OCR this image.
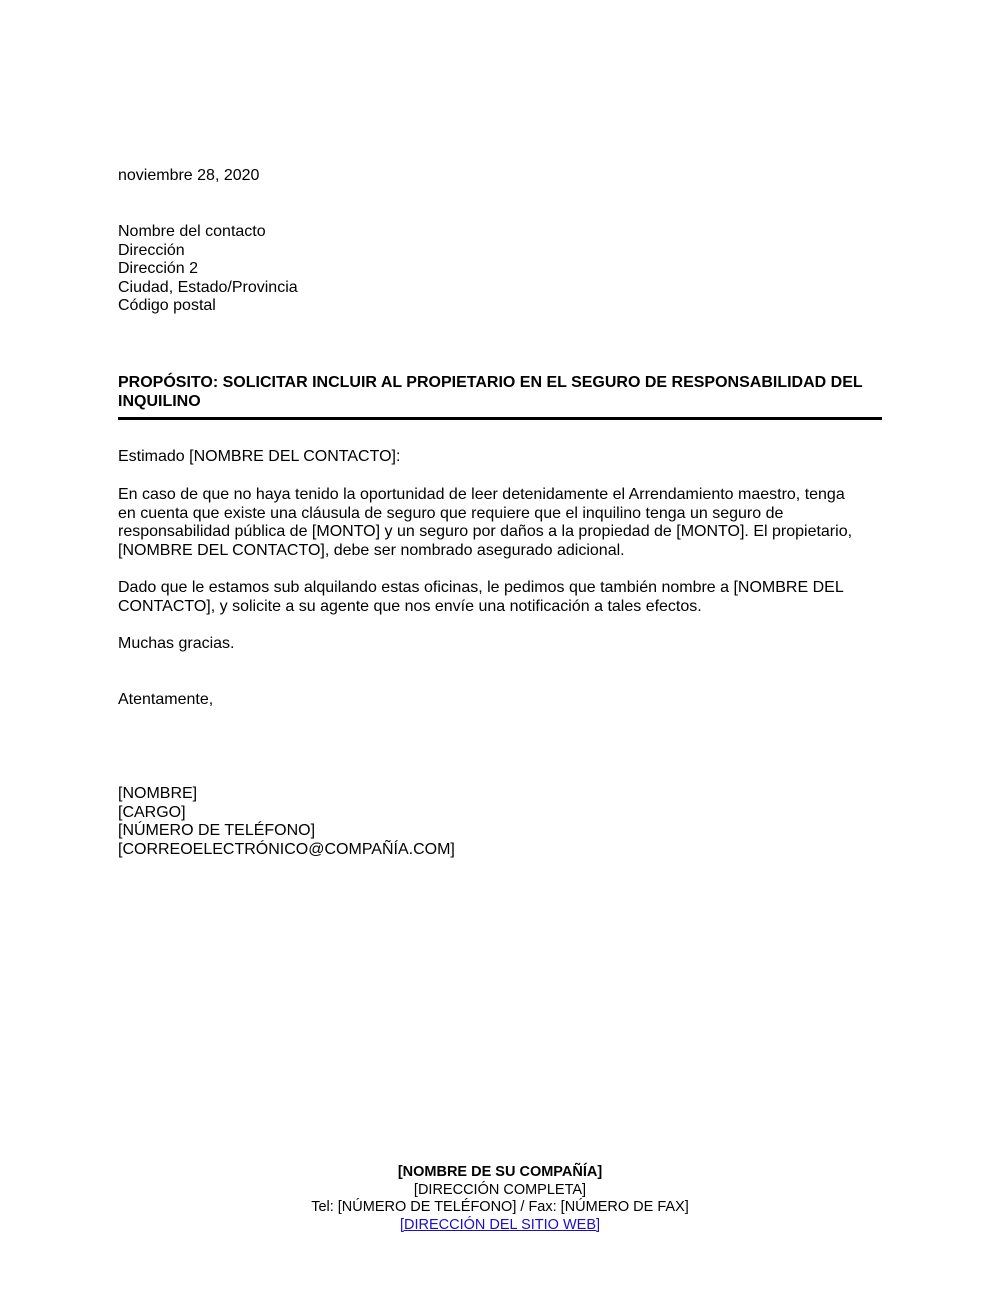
noviembre 28, 2020
Nombre del contacto
Dirección
Dirección 2
Ciudad, Estado/Provincia
Código postal
PROPÓSITO: SOLICITAR INCLUIR AL PROPIETARIO EN EL SEGURO DE RESPONSABILIDAD DEL INQUILINO
Estimado [NOMBRE DEL CONTACTO]:
En caso de que no haya tenido la oportunidad de leer detenidamente el Arrendamiento maestro, tenga
en cuenta que existe una cláusula de seguro que requiere que el inquilino tenga un seguro de
responsabilidad pública de [MONTO] y un seguro por daños a la propiedad de [MONTO]. El propietario,
[NOMBRE DEL CONTACTO], debe ser nombrado asegurado adicional.
Dado que le estamos sub alquilando estas oficinas, le pedimos que también nombre a [NOMBRE DEL
CONTACTO], y solicite a su agente que nos envíe una notificación a tales efectos.
Muchas gracias.
Atentamente,
[NOMBRE]
[CARGO]
[NÚMERO DE TELÉFONO]
[CORREOELECTRÓNICO@COMPAÑÍA.COM]
[NOMBRE DE SU COMPAÑÍA]
[DIRECCIÓN COMPLETA]
Tel: [NÚMERO DE TELÉFONO] / Fax: [NÚMERO DE FAX]
[DIRECCIÓN DEL SITIO WEB]
